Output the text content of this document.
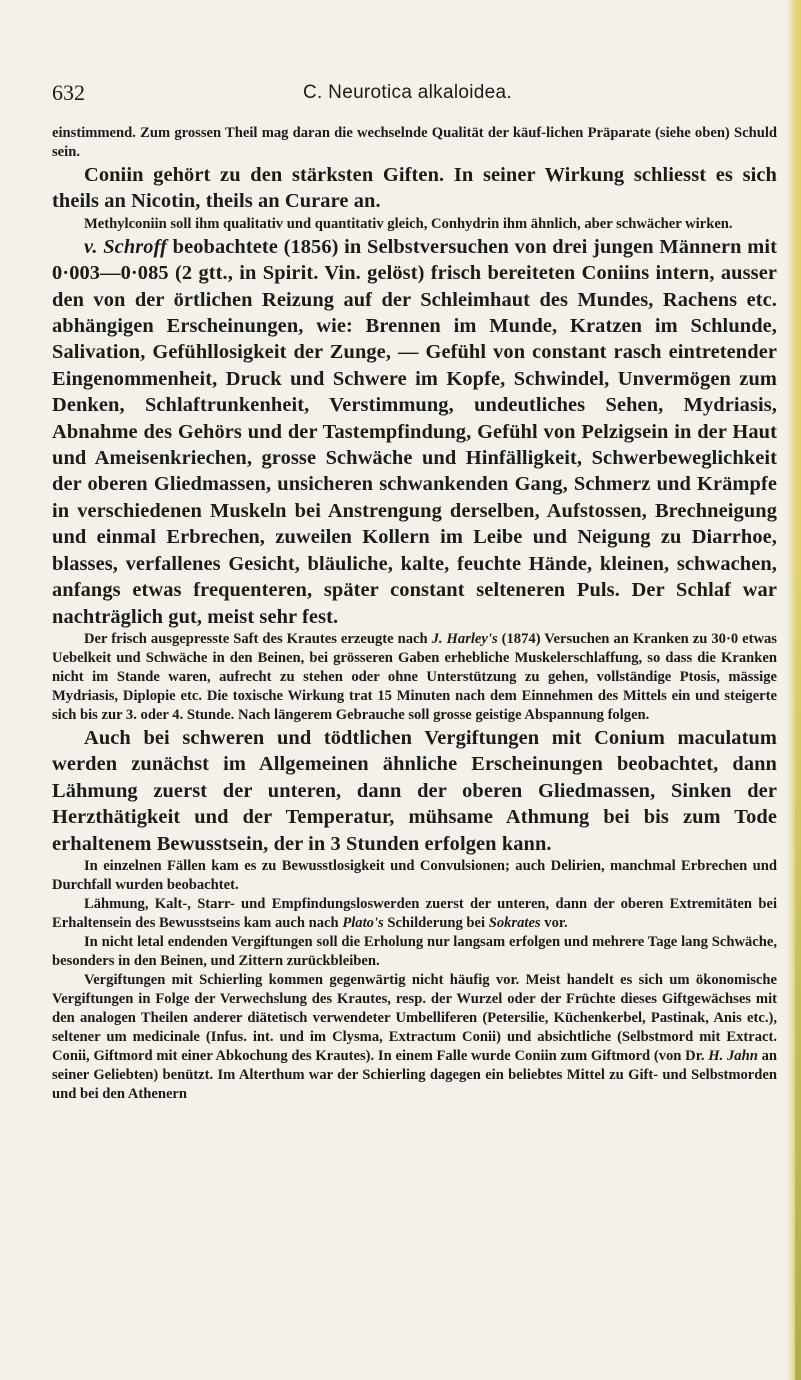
632	C. Neurotica alkaloidea.

einstimmend. Zum grossen Theil mag daran die wechselnde Qualität der käuf-lichen Präparate (siehe oben) Schuld sein.

Coniin gehört zu den stärksten Giften. In seiner Wirkung schliesst es sich theils an Nicotin, theils an Curare an.

Methylconiin soll ihm qualitativ und quantitativ gleich, Conhydrin ihm ähnlich, aber schwächer wirken.

v. Schroff beobachtete (1856) in Selbstversuchen von drei jungen Männern mit 0·003—0·085 (2 gtt., in Spirit. Vin. gelöst) frisch bereiteten Coniins intern, ausser den von der örtlichen Reizung auf der Schleimhaut des Mundes, Rachens etc. abhängigen Erscheinungen, wie: Brennen im Munde, Kratzen im Schlunde, Salivation, Gefühllosigkeit der Zunge, — Gefühl von constant rasch eintretender Eingenommenheit, Druck und Schwere im Kopfe, Schwindel, Unvermögen zum Denken, Schlaftrunkenheit, Verstimmung, undeutliches Sehen, Mydriasis, Abnahme des Gehörs und der Tastempfindung, Gefühl von Pelzigsein in der Haut und Ameisenkriechen, grosse Schwäche und Hinfälligkeit, Schwerbeweglichkeit der oberen Gliedmassen, unsicheren schwankenden Gang, Schmerz und Krämpfe in verschiedenen Muskeln bei Anstrengung derselben, Aufstossen, Brechneigung und einmal Erbrechen, zuweilen Kollern im Leibe und Neigung zu Diarrhoe, blasses, verfallenes Gesicht, bläuliche, kalte, feuchte Hände, kleinen, schwachen, anfangs etwas frequenteren, später constant selteneren Puls. Der Schlaf war nachträglich gut, meist sehr fest.

Der frisch ausgepresste Saft des Krautes erzeugte nach J. Harley's (1874) Versuchen an Kranken zu 30·0 etwas Uebelkeit und Schwäche in den Beinen, bei grösseren Gaben erhebliche Muskelerschlaffung, so dass die Kranken nicht im Stande waren, aufrecht zu stehen oder ohne Unterstützung zu gehen, vollständige Ptosis, mässige Mydriasis, Diplopie etc. Die toxische Wirkung trat 15 Minuten nach dem Einnehmen des Mittels ein und steigerte sich bis zur 3. oder 4. Stunde. Nach längerem Gebrauche soll grosse geistige Abspannung folgen.

Auch bei schweren und tödtlichen Vergiftungen mit Conium maculatum werden zunächst im Allgemeinen ähnliche Erscheinungen beobachtet, dann Lähmung zuerst der unteren, dann der oberen Gliedmassen, Sinken der Herzthätigkeit und der Temperatur, mühsame Athmung bei bis zum Tode erhaltenem Bewusstsein, der in 3 Stunden erfolgen kann.

In einzelnen Fällen kam es zu Bewusstlosigkeit und Convulsionen; auch Delirien, manchmal Erbrechen und Durchfall wurden beobachtet.

Lähmung, Kalt-, Starr- und Empfindungsloswerden zuerst der unteren, dann der oberen Extremitäten bei Erhaltensein des Bewusstseins kam auch nach Plato's Schilderung bei Sokrates vor.

In nicht letal endenden Vergiftungen soll die Erholung nur langsam erfolgen und mehrere Tage lang Schwäche, besonders in den Beinen, und Zittern zurückbleiben.

Vergiftungen mit Schierling kommen gegenwärtig nicht häufig vor. Meist handelt es sich um ökonomische Vergiftungen in Folge der Verwechslung des Krautes, resp. der Wurzel oder der Früchte dieses Giftgewächses mit den analogen Theilen anderer diätetisch verwendeter Umbelliferen (Petersilie, Küchenkerbel, Pastinak, Anis etc.), seltener um medicinale (Infus. int. und im Clysma, Extractum Conii) und absichtliche (Selbstmord mit Extract. Conii, Giftmord mit einer Abkochung des Krautes). In einem Falle wurde Coniin zum Giftmord (von Dr. H. Jahn an seiner Geliebten) benützt. Im Alterthum war der Schierling dagegen ein beliebtes Mittel zu Gift- und Selbstmorden und bei den Athenern
